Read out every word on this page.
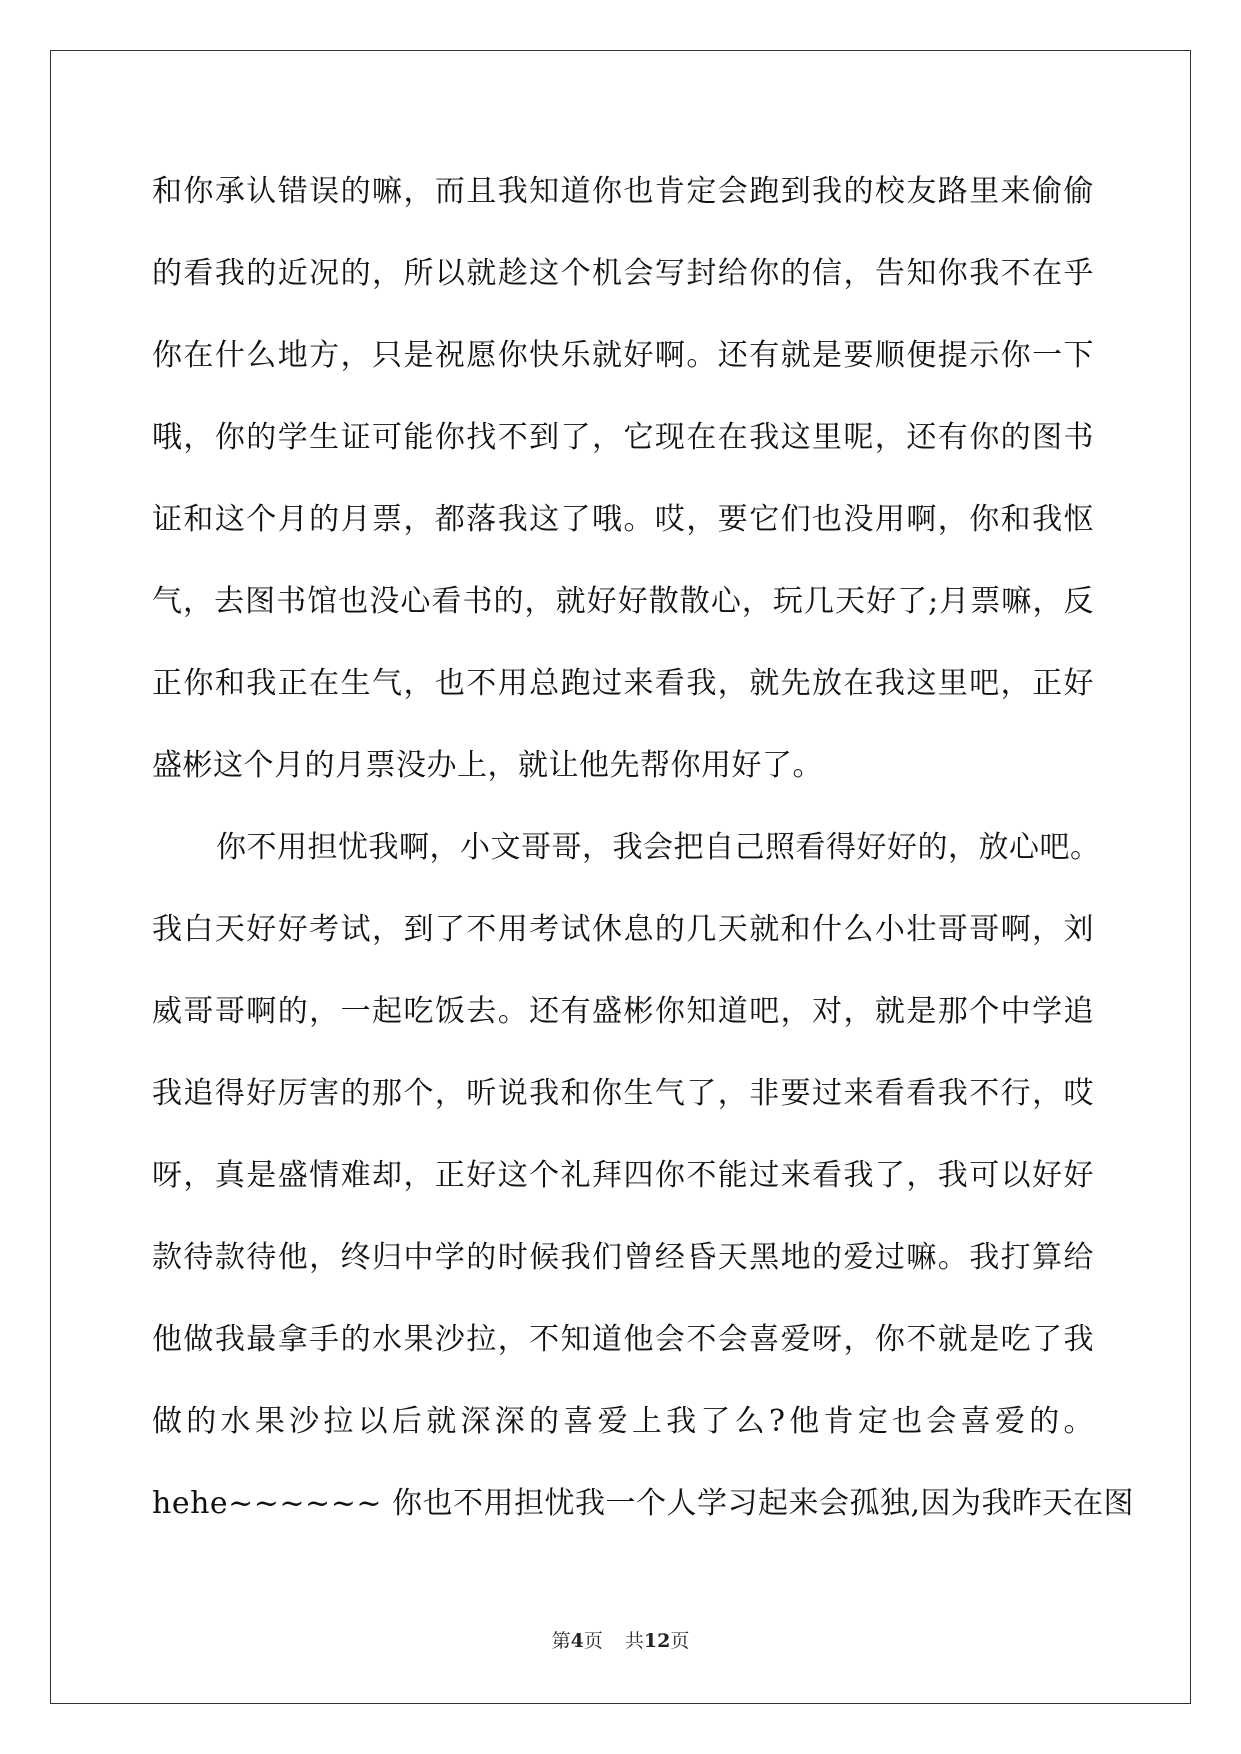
和你承认错误的嘛，而且我知道你也肯定会跑到我的校友路里来偷偷
的看我的近况的，所以就趁这个机会写封给你的信，告知你我不在乎
你在什么地方，只是祝愿你快乐就好啊。还有就是要顺便提示你一下
哦，你的学生证可能你找不到了，它现在在我这里呢，还有你的图书
证和这个月的月票，都落我这了哦。哎，要它们也没用啊，你和我怄
气，去图书馆也没心看书的，就好好散散心，玩几天好了;月票嘛，反
正你和我正在生气，也不用总跑过来看我，就先放在我这里吧，正好
盛彬这个月的月票没办上，就让他先帮你用好了。
你不用担忧我啊，小文哥哥，我会把自己照看得好好的，放心吧。
我白天好好考试，到了不用考试休息的几天就和什么小壮哥哥啊，刘
威哥哥啊的，一起吃饭去。还有盛彬你知道吧，对，就是那个中学追
我追得好厉害的那个，听说我和你生气了，非要过来看看我不行，哎
呀，真是盛情难却，正好这个礼拜四你不能过来看我了，我可以好好
款待款待他，终归中学的时候我们曾经昏天黑地的爱过嘛。我打算给
他做我最拿手的水果沙拉，不知道他会不会喜爱呀，你不就是吃了我
做的水果沙拉以后就深深的喜爱上我了么?他肯定也会喜爱的。
hehe~~~~~~ 你也不用担忧我一个人学习起来会孤独,因为我昨天在图
第4页 共12页
